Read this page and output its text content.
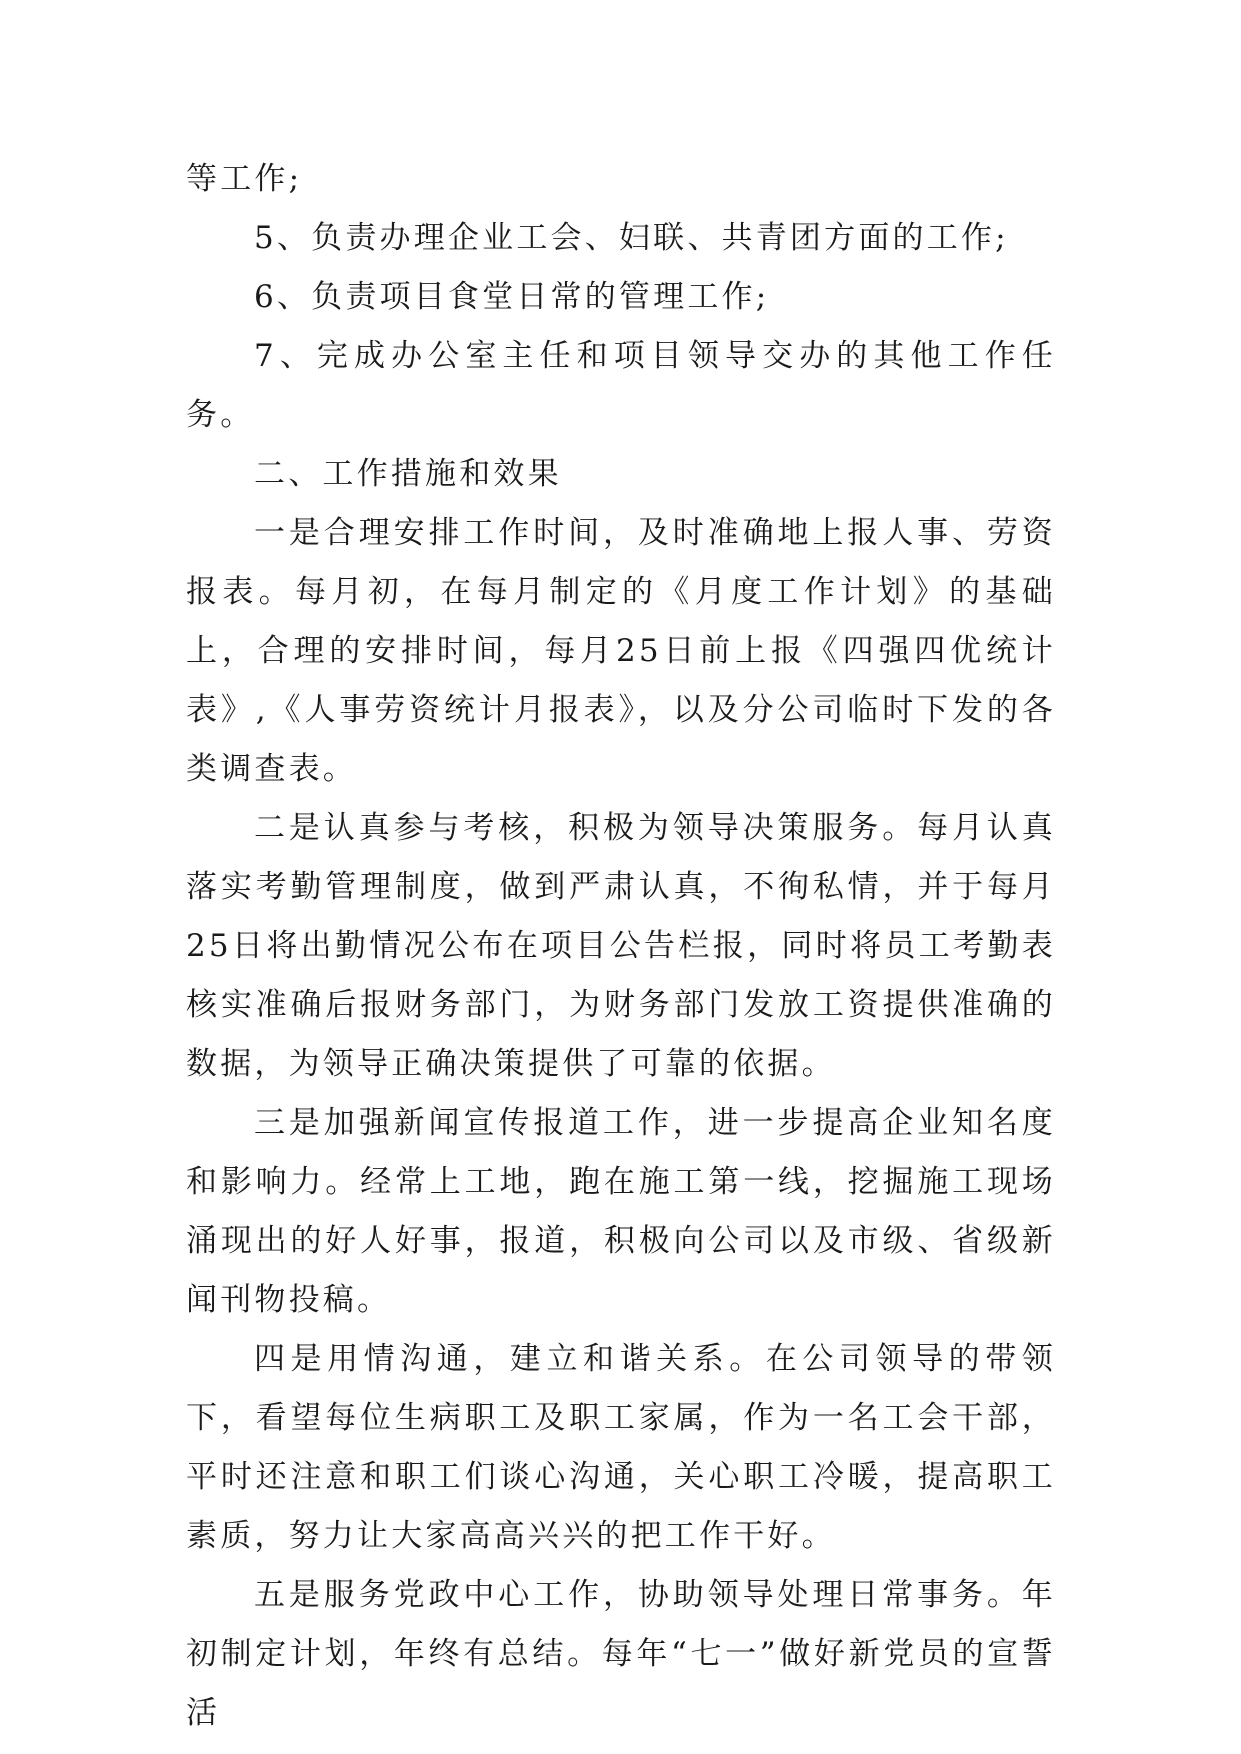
等工作;

5、负责办理企业工会、妇联、共青团方面的工作;

6、负责项目食堂日常的管理工作;

7、完成办公室主任和项目领导交办的其他工作任务。

二、工作措施和效果

一是合理安排工作时间，及时准确地上报人事、劳资报表。每月初，在每月制定的《月度工作计划》的基础上，合理的安排时间，每月25日前上报《四强四优统计表》,《人事劳资统计月报表》，以及分公司临时下发的各类调查表。

二是认真参与考核，积极为领导决策服务。每月认真落实考勤管理制度，做到严肃认真，不徇私情，并于每月25日将出勤情况公布在项目公告栏报，同时将员工考勤表核实准确后报财务部门，为财务部门发放工资提供准确的数据，为领导正确决策提供了可靠的依据。

三是加强新闻宣传报道工作，进一步提高企业知名度和影响力。经常上工地，跑在施工第一线，挖掘施工现场涌现出的好人好事，报道，积极向公司以及市级、省级新闻刊物投稿。

四是用情沟通，建立和谐关系。在公司领导的带领下，看望每位生病职工及职工家属，作为一名工会干部，平时还注意和职工们谈心沟通，关心职工冷暖，提高职工素质，努力让大家高高兴兴的把工作干好。

五是服务党政中心工作，协助领导处理日常事务。年初制定计划，年终有总结。每年“七一”做好新党员的宣誓活
